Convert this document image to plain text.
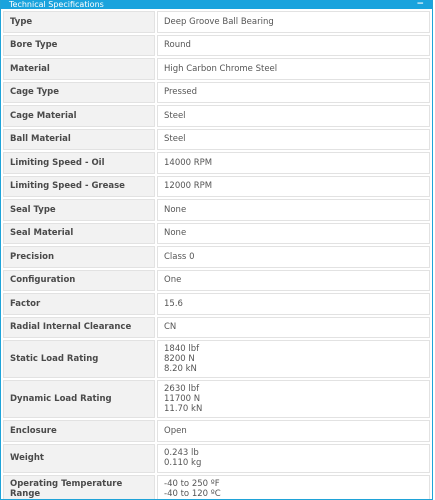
Technical Specifications	−
Type	Deep Groove Ball Bearing

Bore Type	Round

Material	High Carbon Chrome Steel

Cage Type	Pressed

Cage Material	Steel

Ball Material	Steel

Limiting Speed - Oil	14000 RPM

Limiting Speed - Grease	12000 RPM

Seal Type	None

Seal Material	None

Precision	Class 0

Configuration	One

Factor	15.6

Radial Internal Clearance	CN

Static Load Rating	1840 lbf
8200 N
8.20 kN

Dynamic Load Rating	2630 lbf
11700 N
11.70 kN

Enclosure	Open

Weight	0.243 lb
0.110 kg

Operating Temperature Range	-40 to 250 ºF
-40 to 120 ºC
